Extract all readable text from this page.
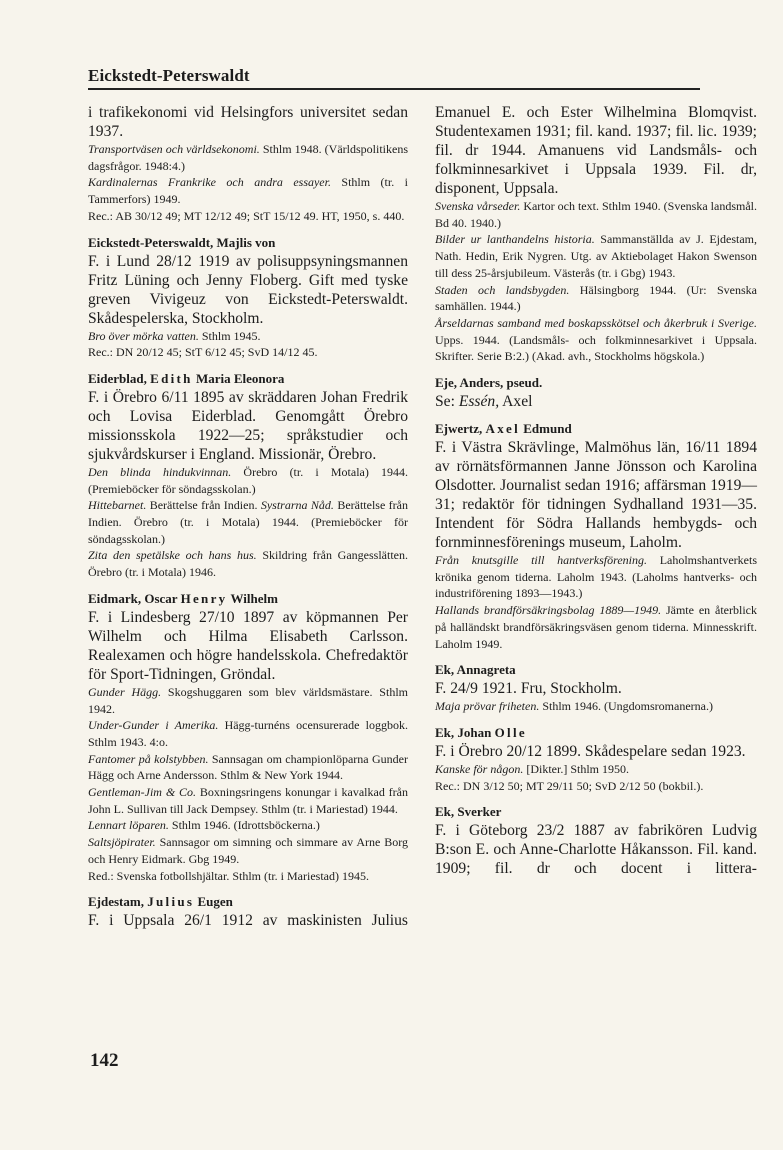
Eickstedt-Peterswaldt

i trafikekonomi vid Helsingfors universitet sedan 1937.

Transportväsen och världsekonomi. Sthlm 1948. (Världspolitikens dagsfrågor. 1948:4.)

Kardinalernas Frankrike och andra essayer. Sthlm (tr. i Tammerfors) 1949.

Rec.: AB 30/12 49; MT 12/12 49; StT 15/12 49. HT, 1950, s. 440.

Eickstedt-Peterswaldt, Majlis von

F. i Lund 28/12 1919 av polisuppsyningsmannen Fritz Lüning och Jenny Floberg. Gift med tyske greven Vivigeuz von Eickstedt-Peterswaldt. Skådespelerska, Stockholm.

Bro över mörka vatten. Sthlm 1945.

Rec.: DN 20/12 45; StT 6/12 45; SvD 14/12 45.

Eiderblad, Edith Maria Eleonora

F. i Örebro 6/11 1895 av skräddaren Johan Fredrik och Lovisa Eiderblad. Genomgått Örebro missionsskola 1922—25; språkstudier och sjukvårdskurser i England. Missionär, Örebro.

Den blinda hindukvinnan. Örebro (tr. i Motala) 1944. (Premieböcker för söndagsskolan.)

Hittebarnet. Berättelse från Indien. Systrarna Nåd. Berättelse från Indien. Örebro (tr. i Motala) 1944. (Premieböcker för söndagsskolan.)

Zita den spetälske och hans hus. Skildring från Gangesslätten. Örebro (tr. i Motala) 1946.

Eidmark, Oscar Henry Wilhelm

F. i Lindesberg 27/10 1897 av köpmannen Per Wilhelm och Hilma Elisabeth Carlsson. Realexamen och högre handelsskola. Chefredaktör för Sport-Tidningen, Gröndal.

Gunder Hägg. Skogshuggaren som blev världsmästare. Sthlm 1942.

Under-Gunder i Amerika. Hägg-turnéns ocensurerade loggbok. Sthlm 1943. 4:o.

Fantomer på kolstybben. Sannsagan om championlöparna Gunder Hägg och Arne Andersson. Sthlm & New York 1944.

Gentleman-Jim & Co. Boxningsringens konungar i kavalkad från John L. Sullivan till Jack Dempsey. Sthlm (tr. i Mariestad) 1944.

Lennart löparen. Sthlm 1946. (Idrottsböckerna.)

Saltsjöpirater. Sannsagor om simning och simmare av Arne Borg och Henry Eidmark. Gbg 1949.

Red.: Svenska fotbollshjältar. Sthlm (tr. i Mariestad) 1945.

Ejdestam, Julius Eugen

F. i Uppsala 26/1 1912 av maskinisten Julius

Emanuel E. och Ester Wilhelmina Blomqvist. Studentexamen 1931; fil. kand. 1937; fil. lic. 1939; fil. dr 1944. Amanuens vid Landsmåls- och folkminnesarkivet i Uppsala 1939. Fil. dr, disponent, Uppsala.

Svenska vårseder. Kartor och text. Sthlm 1940. (Svenska landsmål. Bd 40. 1940.)

Bilder ur lanthandelns historia. Sammanställda av J. Ejdestam, Nath. Hedin, Erik Nygren. Utg. av Aktiebolaget Hakon Swenson till dess 25-årsjubileum. Västerås (tr. i Gbg) 1943.

Staden och landsbygden. Hälsingborg 1944. (Ur: Svenska samhällen. 1944.)

Årseldarnas samband med boskapsskötsel och åkerbruk i Sverige. Upps. 1944. (Landsmåls- och folkminnesarkivet i Uppsala. Skrifter. Serie B:2.) (Akad. avh., Stockholms högskola.)

Eje, Anders, pseud.

Se: Essén, Axel

Ejwertz, Axel Edmund

F. i Västra Skrävlinge, Malmöhus län, 16/11 1894 av rörnätsförmannen Janne Jönsson och Karolina Olsdotter. Journalist sedan 1916; affärsman 1919—31; redaktör för tidningen Sydhalland 1931—35. Intendent för Södra Hallands hembygds- och fornminnesförenings museum, Laholm.

Från knutsgille till hantverksförening. Laholmshantverkets krönika genom tiderna. Laholm 1943. (Laholms hantverks- och industriförening 1893—1943.)

Hallands brandförsäkringsbolag 1889—1949. Jämte en återblick på halländskt brandförsäkringsväsen genom tiderna. Minnesskrift. Laholm 1949.

Ek, Annagreta

F. 24/9 1921. Fru, Stockholm.

Maja prövar friheten. Sthlm 1946. (Ungdomsromanerna.)

Ek, Johan Olle

F. i Örebro 20/12 1899. Skådespelare sedan 1923.

Kanske för någon. [Dikter.] Sthlm 1950.

Rec.: DN 3/12 50; MT 29/11 50; SvD 2/12 50 (bokbil.).

Ek, Sverker

F. i Göteborg 23/2 1887 av fabrikören Ludvig B:son E. och Anne-Charlotte Håkansson. Fil. kand. 1909; fil. dr och docent i littera-

142
